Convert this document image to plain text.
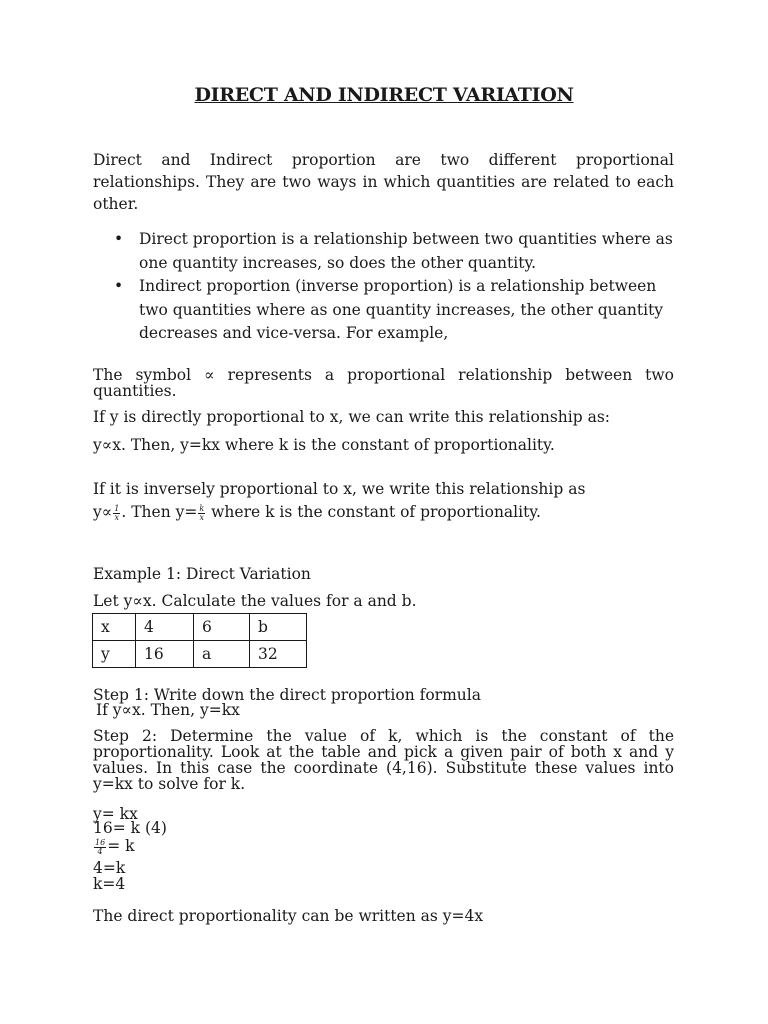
DIRECT AND INDIRECT VARIATION
Direct and Indirect proportion are two different proportional relationships. They are two ways in which quantities are related to each other.
• Direct proportion is a relationship between two quantities where as one quantity increases, so does the other quantity.
• Indirect proportion (inverse proportion) is a relationship between two quantities where as one quantity increases, the other quantity decreases and vice-versa. For example,
The symbol ∝ represents a proportional relationship between two quantities.
If y is directly proportional to x, we can write this relationship as:
y∝x. Then, y=kx where k is the constant of proportionality.
If it is inversely proportional to x, we write this relationship as
$y\propto \frac{1}{x}$ . Then $y= \frac{k}{x}$ where k is the constant of proportionality.
Example 1: Direct Variation
Let y∝x. Calculate the values for a and b.
x	4	6	b
y	16	a	32
Step 1: Write down the direct proportion formula
If y∝x. Then, y=kx
Step 2: Determine the value of k, which is the constant of the proportionality. Look at the table and pick a given pair of both x and y values. In this case the coordinate (4,16). Substitute these values into y=kx to solve for k.
y= kx
16= k (4)
$\frac{16}{4} = k$
4=k
k=4
The direct proportionality can be written as y=4x
